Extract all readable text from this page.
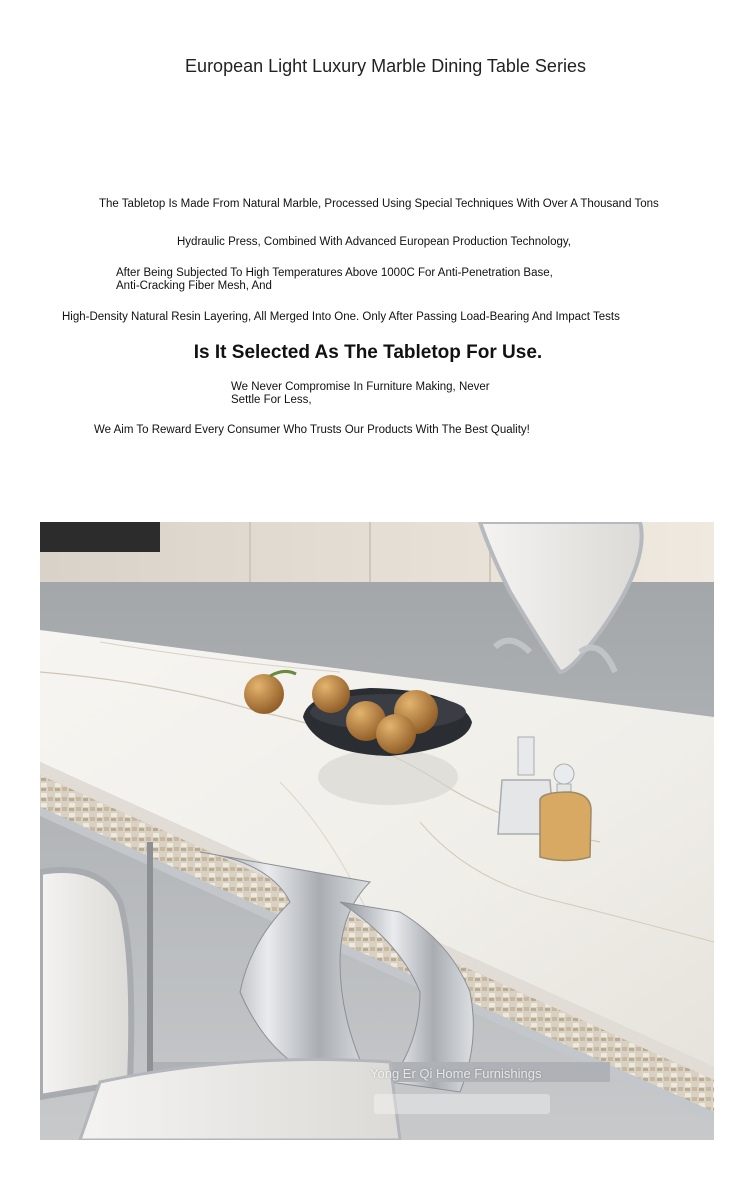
European Light Luxury Marble Dining Table Series

The Tabletop Is Made From Natural Marble, Processed Using Special Techniques With Over A Thousand Tons

Hydraulic Press, Combined With Advanced European Production Technology,

After Being Subjected To High Temperatures Above 1000C For Anti-Penetration Base,

Anti-Cracking Fiber Mesh, And

High-Density Natural Resin Layering, All Merged Into One. Only After Passing Load-Bearing And Impact Tests

Is It Selected As The Tabletop For Use.

We Never Compromise In Furniture Making, Never

Settle For Less,

We Aim To Reward Every Consumer Who Trusts Our Products With The Best Quality!

Yong Er Qi Home Furnishings
